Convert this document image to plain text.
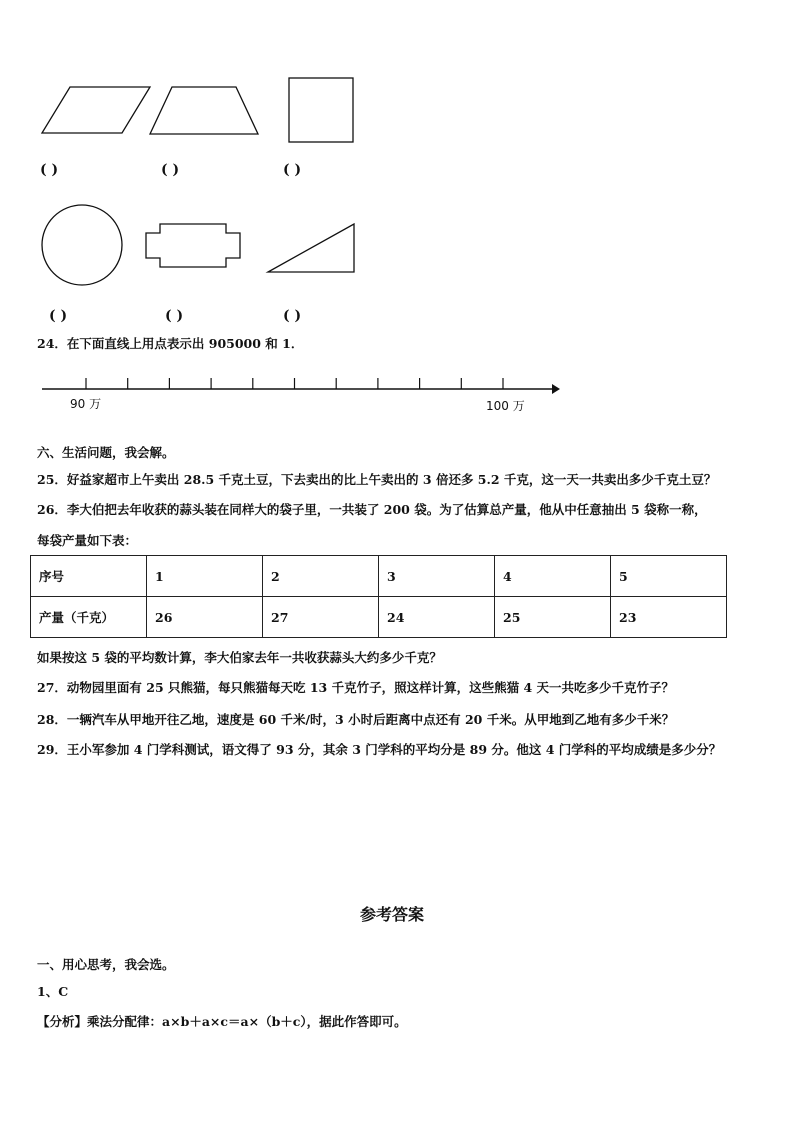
( )	( )	( )
( )	( )	( )
24．在下面直线上用点表示出 905000 和 1．
90 万	100 万
六、生活问题，我会解。
25．好益家超市上午卖出 28.5 千克土豆，下去卖出的比上午卖出的 3 倍还多 5.2 千克，这一天一共卖出多少千克土豆？
26．李大伯把去年收获的蒜头装在同样大的袋子里，一共装了 200 袋。为了估算总产量，他从中任意抽出 5 袋称一称，
每袋产量如下表：
序号	1	2	3	4	5
产量（千克）	26	27	24	25	23
如果按这 5 袋的平均数计算，李大伯家去年一共收获蒜头大约多少千克？
27．动物园里面有 25 只熊猫，每只熊猫每天吃 13 千克竹子，照这样计算，这些熊猫 4 天一共吃多少千克竹子？
28．一辆汽车从甲地开往乙地，速度是 60 千米/时，3 小时后距离中点还有 20 千米。从甲地到乙地有多少千米？
29．王小军参加 4 门学科测试，语文得了 93 分，其余 3 门学科的平均分是 89 分。他这 4 门学科的平均成绩是多少分？
参考答案
一、用心思考，我会选。
1、C
【分析】乘法分配律：a×b＋a×c＝a×（b＋c），据此作答即可。
